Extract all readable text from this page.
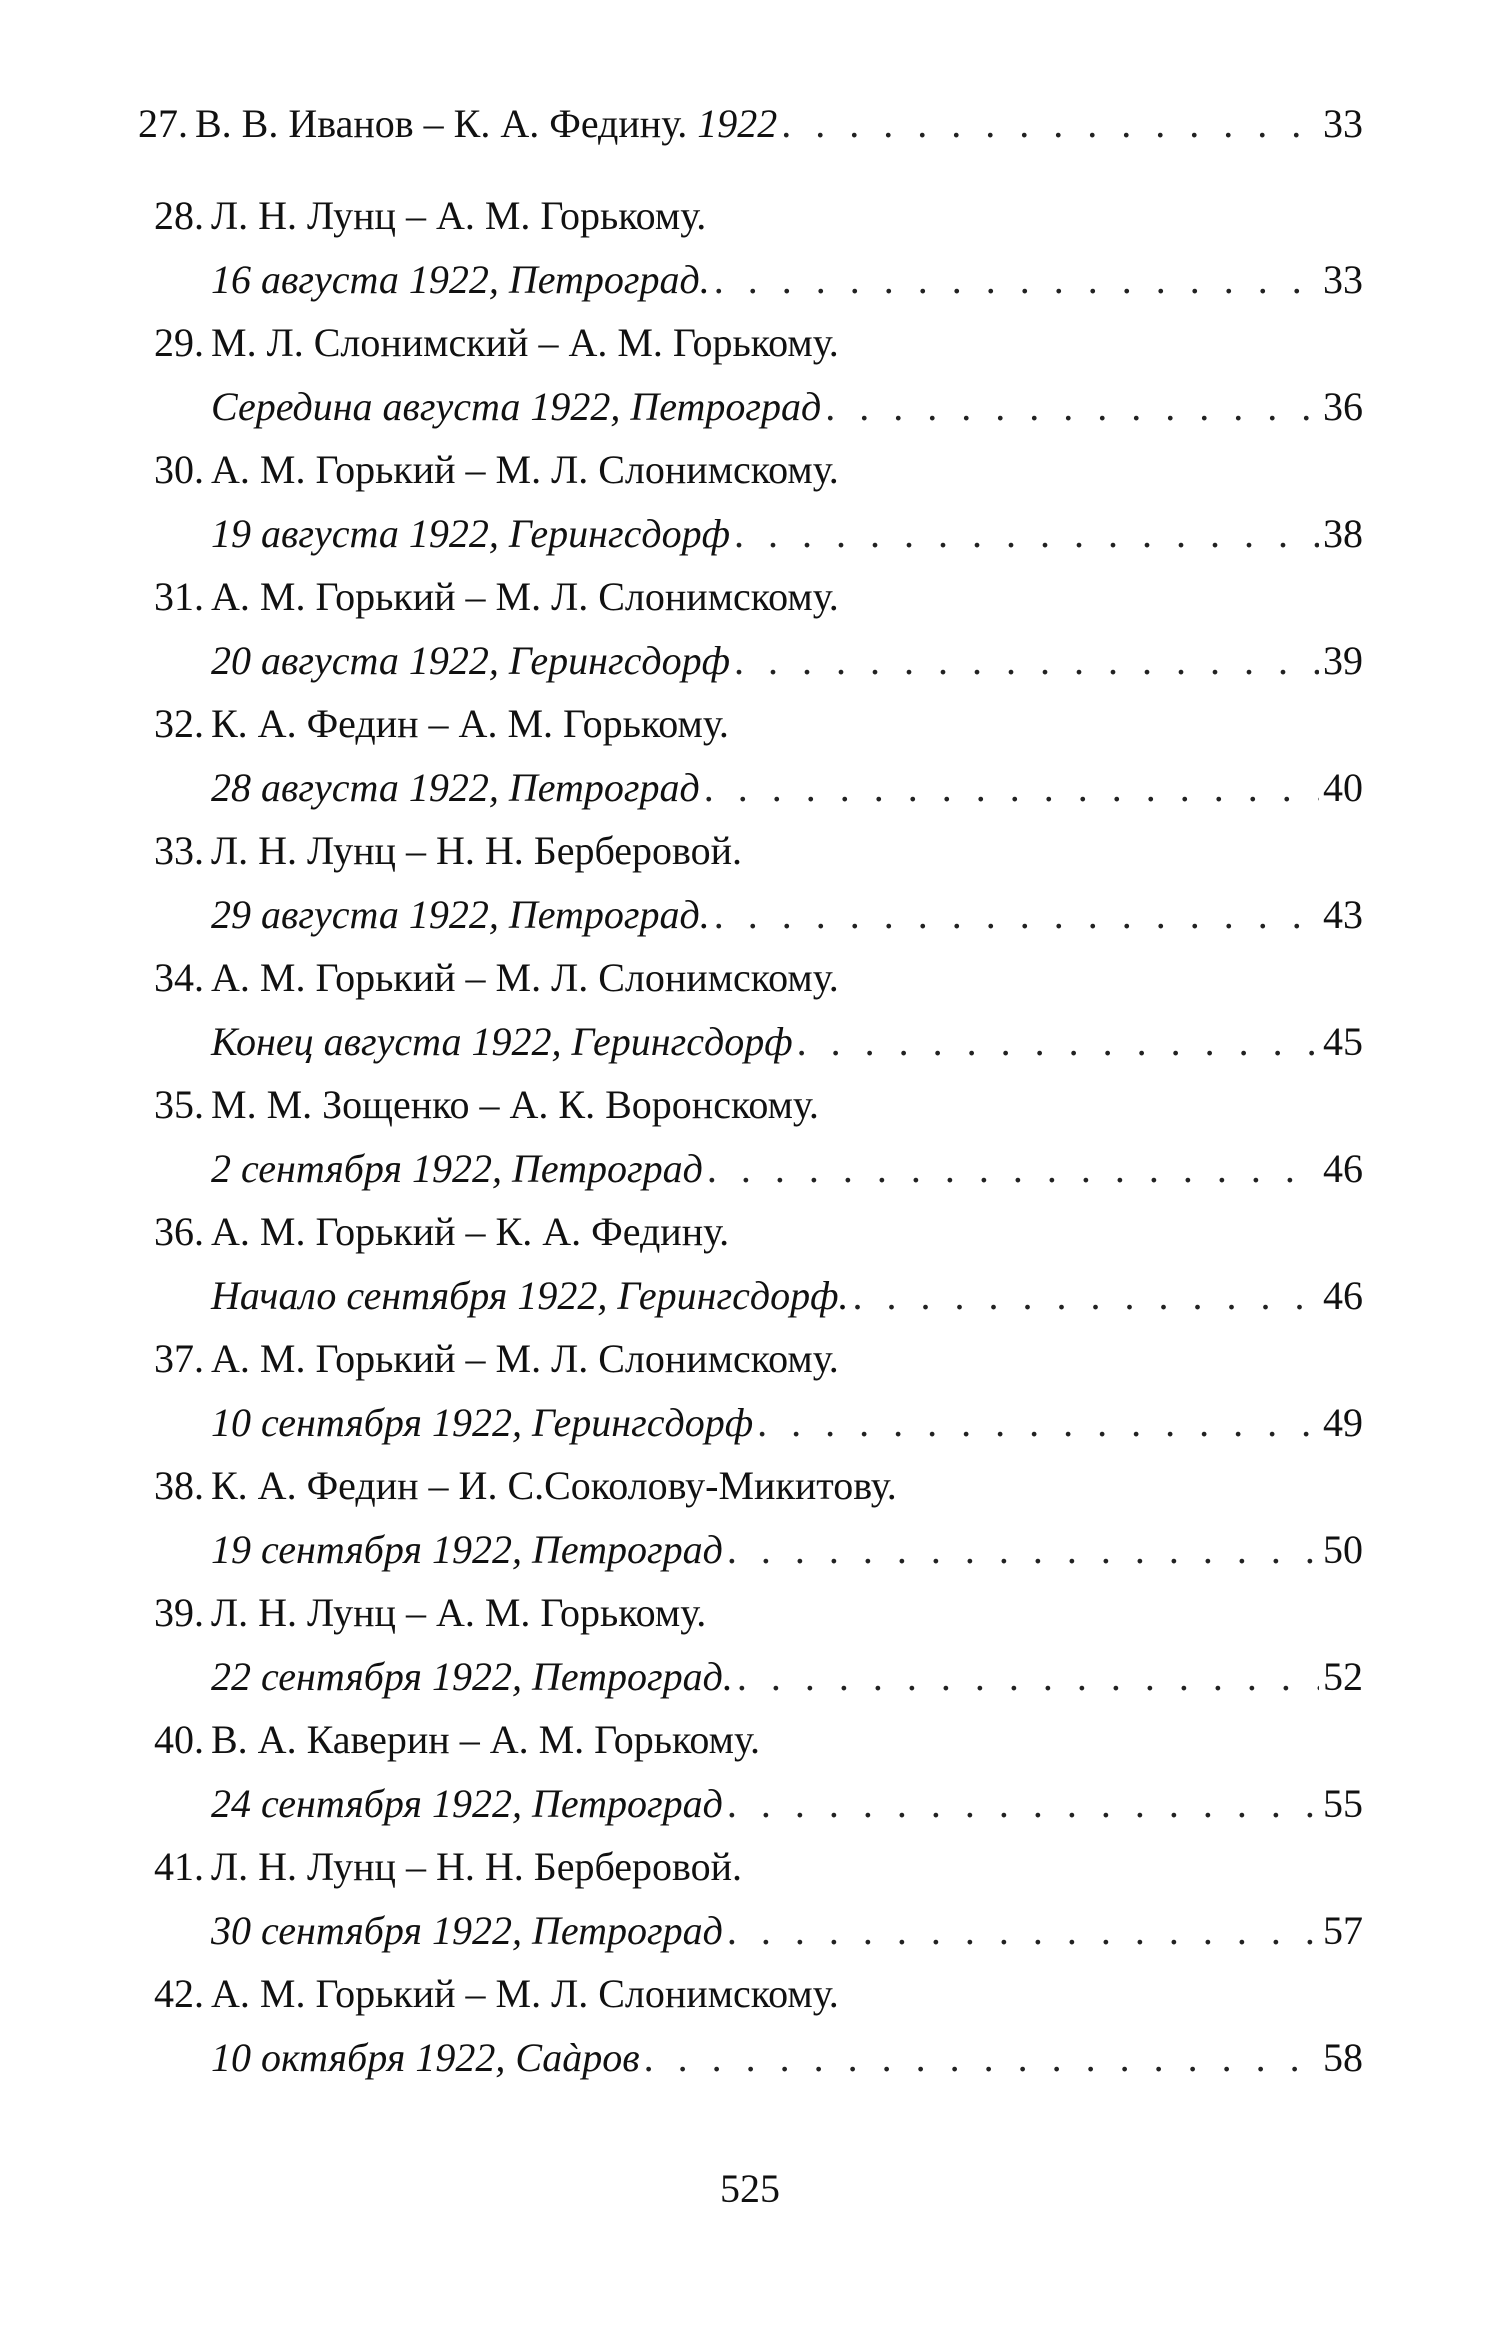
27. В. В. Иванов – К. А. Федину.
1922 . . .	33
28. Л. Н. Лунц – А. М. Горькому.
16 августа 1922, Петроград. . . .	33
29. М. Л. Слонимский – А. М. Горькому.
Середина августа 1922, Петроград . . .	36
30. А. М. Горький – М. Л. Слонимскому.
19 августа 1922, Герингсдорф . . .	38
31. А. М. Горький – М. Л. Слонимскому.
20 августа 1922, Герингсдорф . . .	39
32. К. А. Федин – А. М. Горькому.
28 августа 1922, Петроград . . .	40
33. Л. Н. Лунц – Н. Н. Берберовой.
29 августа 1922, Петроград. . . .	43
34. А. М. Горький – М. Л. Слонимскому.
Конец августа 1922, Герингсдорф . . .	45
35. М. М. Зощенко – А. К. Воронскому.
2 сентября 1922, Петроград . . .	46
36. А. М. Горький – К. А. Федину.
Начало сентября 1922, Герингсдорф. . . .	46
37. А. М. Горький – М. Л. Слонимскому.
10 сентября 1922, Герингсдорф . . .	49
38. К. А. Федин – И. С.Соколову-Микитову.
19 сентября 1922, Петроград . . .	50
39. Л. Н. Лунц – А. М. Горькому.
22 сентября 1922, Петроград. . . .	52
40. В. А. Каверин – А. М. Горькому.
24 сентября 1922, Петроград . . .	55
41. Л. Н. Лунц – Н. Н. Берберовой.
30 сентября 1922, Петроград . . .	57
42. А. М. Горький – М. Л. Слонимскому.
10 октября 1922, Саàров . . .	58
525
